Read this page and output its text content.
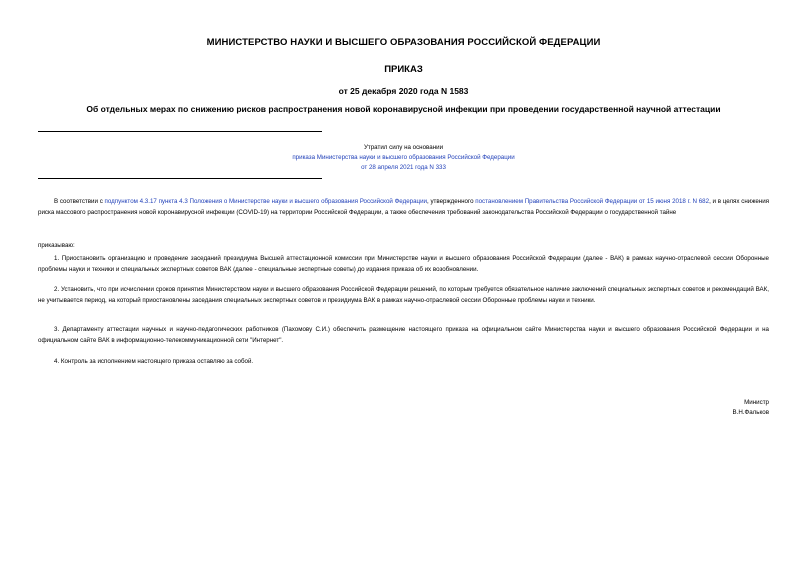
МИНИСТЕРСТВО НАУКИ И ВЫСШЕГО ОБРАЗОВАНИЯ РОССИЙСКОЙ ФЕДЕРАЦИИ
ПРИКАЗ
от 25 декабря 2020 года N 1583
Об отдельных мерах по снижению рисков распространения новой коронавирусной инфекции при проведении государственной научной аттестации
Утратил силу на основании
приказа Министерства науки и высшего образования Российской Федерации
от 28 апреля 2021 года N 333
В соответствии с подпунктом 4.3.17 пункта 4.3 Положения о Министерстве науки и высшего образования Российской Федерации, утвержденного постановлением Правительства Российской Федерации от 15 июня 2018 г. N 682, и в целях снижения риска массового распространения новой коронавирусной инфекции (COVID-19) на территории Российской Федерации, а также обеспечения требований законодательства Российской Федерации о государственной тайне
приказываю:
1. Приостановить организацию и проведение заседаний президиума Высшей аттестационной комиссии при Министерстве науки и высшего образования Российской Федерации (далее - ВАК) в рамках научно-отраслевой сессии Оборонные проблемы науки и техники и специальных экспертных советов ВАК (далее - специальные экспертные советы) до издания приказа об их возобновлении.
2. Установить, что при исчислении сроков принятия Министерством науки и высшего образования Российской Федерации решений, по которым требуется обязательное наличие заключений специальных экспертных советов и рекомендаций ВАК, не учитывается период, на который приостановлены заседания специальных экспертных советов и президиума ВАК в рамках научно-отраслевой сессии Оборонные проблемы науки и техники.
3. Департаменту аттестации научных и научно-педагогических работников (Пахомову С.И.) обеспечить размещение настоящего приказа на официальном сайте Министерства науки и высшего образования Российской Федерации и на официальном сайте ВАК в информационно-телекоммуникационной сети "Интернет".
4. Контроль за исполнением настоящего приказа оставляю за собой.
Министр
В.Н.Фальков
